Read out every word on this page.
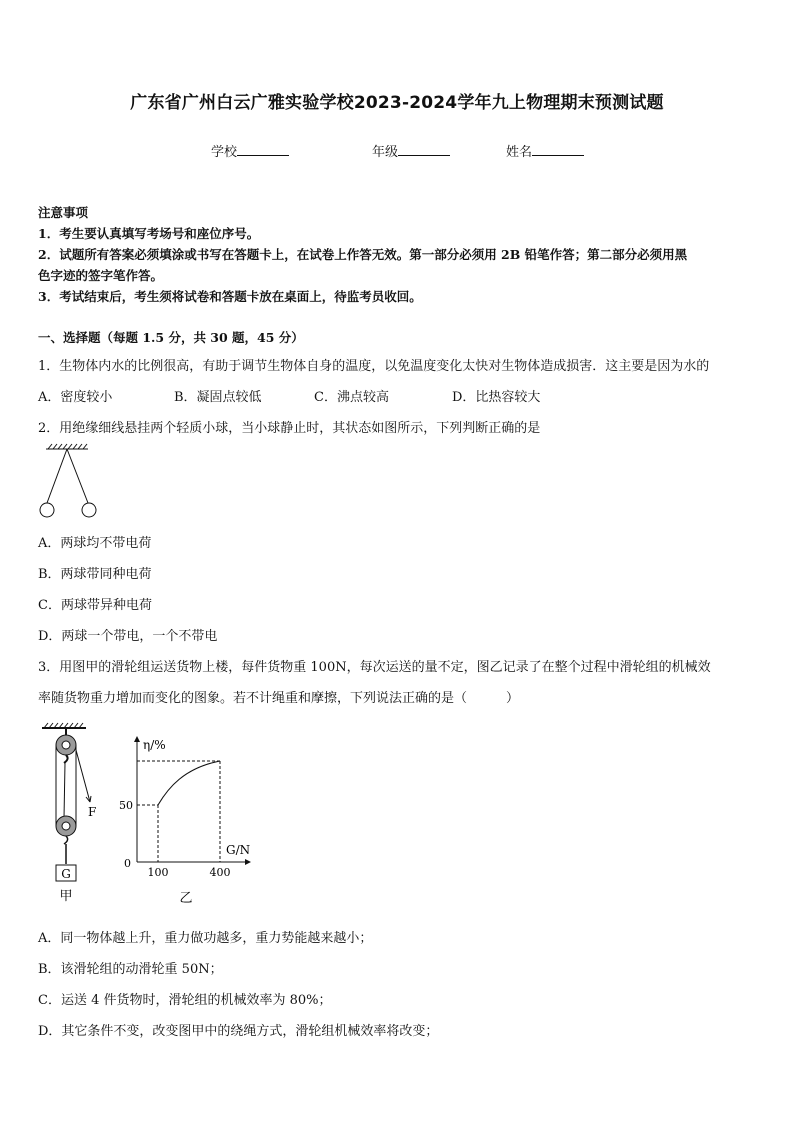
广东省广州白云广雅实验学校2023-2024学年九上物理期末预测试题
学校	年级	姓名
注意事项
1．考生要认真填写考场号和座位序号。
2．试题所有答案必须填涂或书写在答题卡上，在试卷上作答无效。第一部分必须用 2B 铅笔作答；第二部分必须用黑
色字迹的签字笔作答。
3．考试结束后，考生须将试卷和答题卡放在桌面上，待监考员收回。
一、选择题（每题 1.5 分，共 30 题，45 分）
1．生物体内水的比例很高，有助于调节生物体自身的温度，以免温度变化太快对生物体造成损害．这主要是因为水的
A．密度较小	B．凝固点较低	C．沸点较高	D．比热容较大
2．用绝缘细线悬挂两个轻质小球，当小球静止时，其状态如图所示，下列判断正确的是
A．两球均不带电荷
B．两球带同种电荷
C．两球带异种电荷
D．两球一个带电，一个不带电
3．用图甲的滑轮组运送货物上楼，每件货物重 100N，每次运送的量不定，图乙记录了在整个过程中滑轮组的机械效
率随货物重力增加而变化的图象。若不计绳重和摩擦，下列说法正确的是（　　　）
F
G
甲
η/%
G/N
0
50
100	400
乙
A．同一物体越上升，重力做功越多，重力势能越来越小；
B．该滑轮组的动滑轮重 50N；
C．运送 4 件货物时，滑轮组的机械效率为 80%；
D．其它条件不变，改变图甲中的绕绳方式，滑轮组机械效率将改变；
